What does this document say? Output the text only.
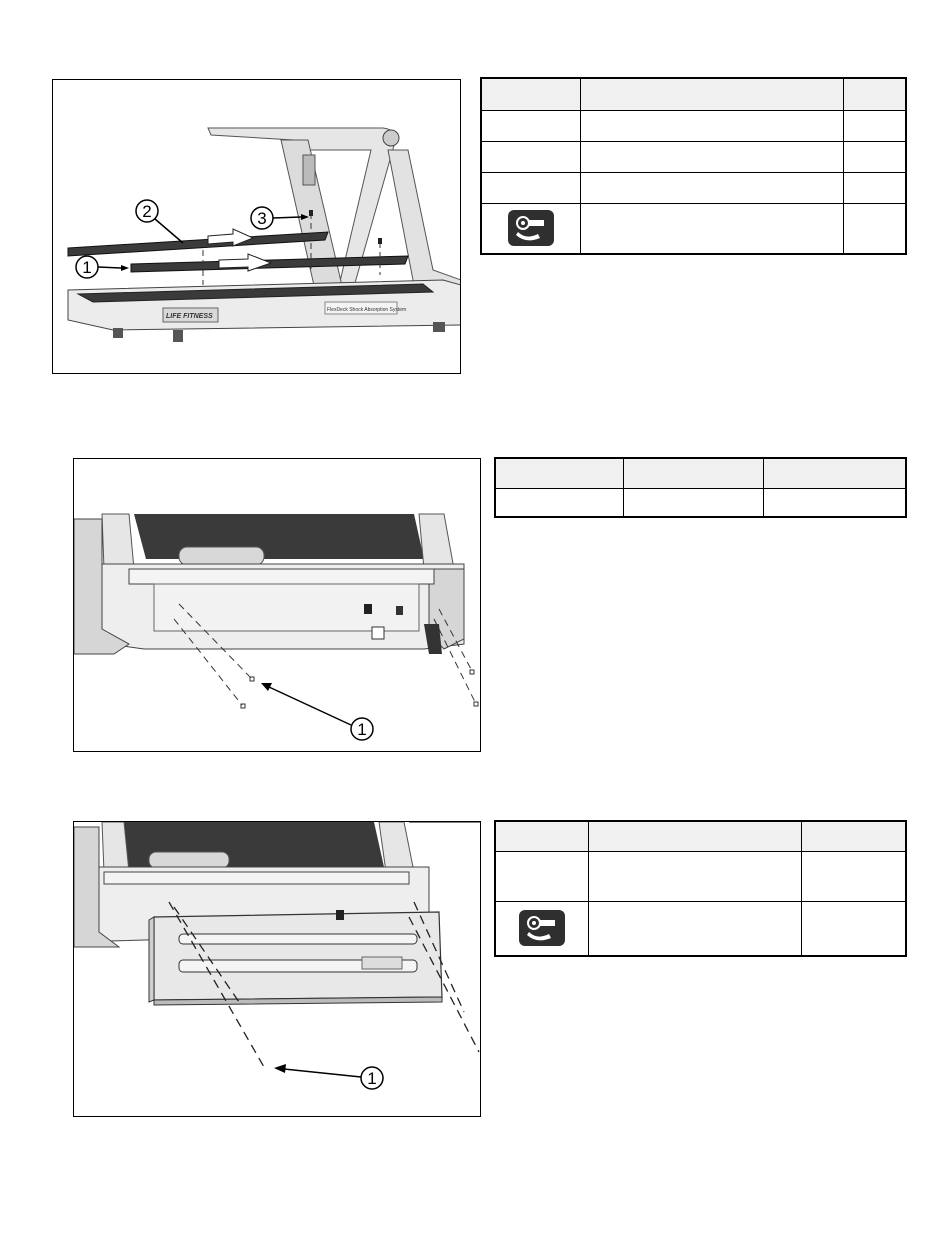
LIFE FITNESS
FlexDeck Shock Absorption System
2	3
1

1

1
